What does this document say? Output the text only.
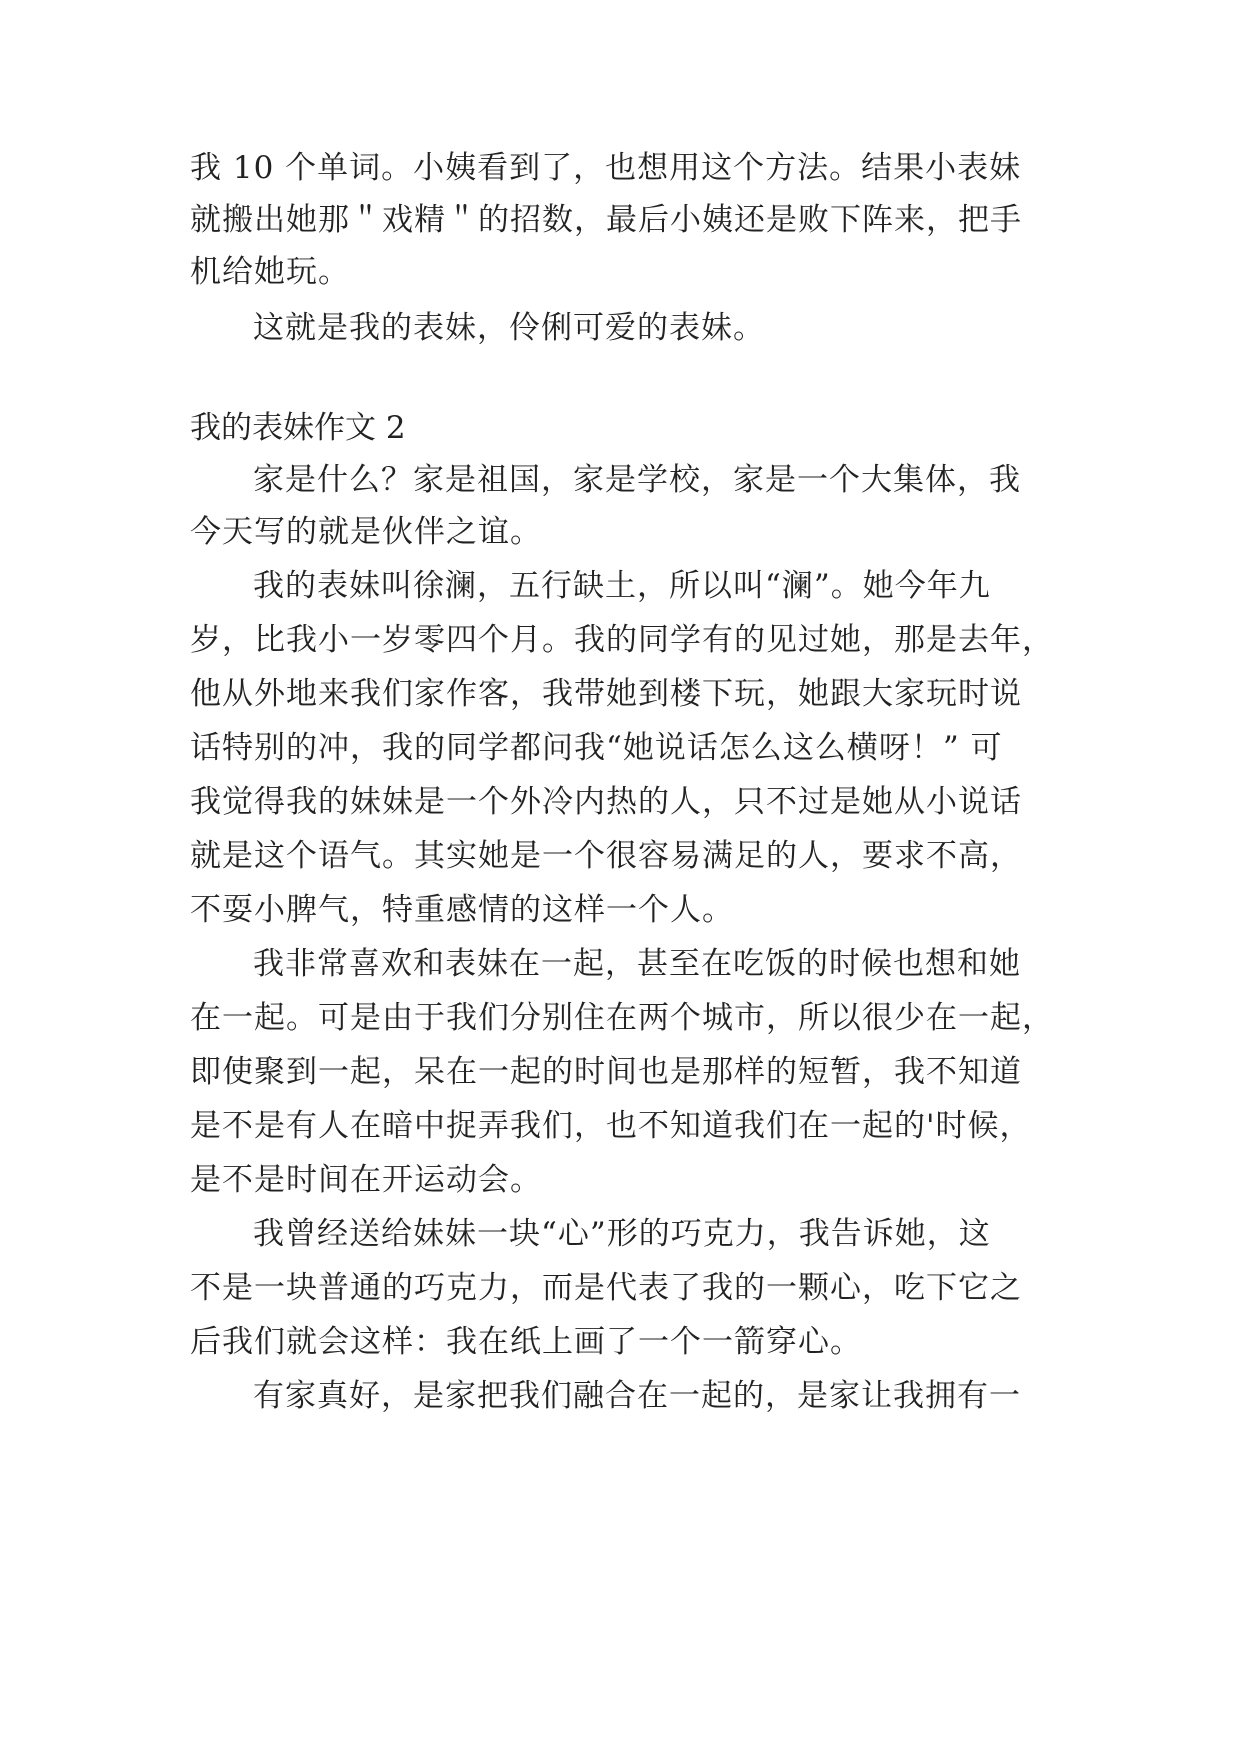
我 10 个单词。小姨看到了，也想用这个方法。结果小表妹

就搬出她那＂戏精＂的招数，最后小姨还是败下阵来，把手

机给她玩。

这就是我的表妹，伶俐可爱的表妹。

我的表妹作文 2

家是什么？家是祖国，家是学校，家是一个大集体，我

今天写的就是伙伴之谊。

我的表妹叫徐澜，五行缺土，所以叫“澜”。她今年九

岁，比我小一岁零四个月。我的同学有的见过她，那是去年，

他从外地来我们家作客，我带她到楼下玩，她跟大家玩时说

话特别的冲，我的同学都问我“她说话怎么这么横呀！” 可

我觉得我的妹妹是一个外冷内热的人，只不过是她从小说话

就是这个语气。其实她是一个很容易满足的人，要求不高，

不耍小脾气，特重感情的这样一个人。

我非常喜欢和表妹在一起，甚至在吃饭的时候也想和她

在一起。可是由于我们分别住在两个城市，所以很少在一起，

即使聚到一起，呆在一起的时间也是那样的短暂，我不知道

是不是有人在暗中捉弄我们，也不知道我们在一起的'时候，

是不是时间在开运动会。

我曾经送给妹妹一块“心”形的巧克力，我告诉她，这

不是一块普通的巧克力，而是代表了我的一颗心，吃下它之

后我们就会这样：我在纸上画了一个一箭穿心。

有家真好，是家把我们融合在一起的，是家让我拥有一
